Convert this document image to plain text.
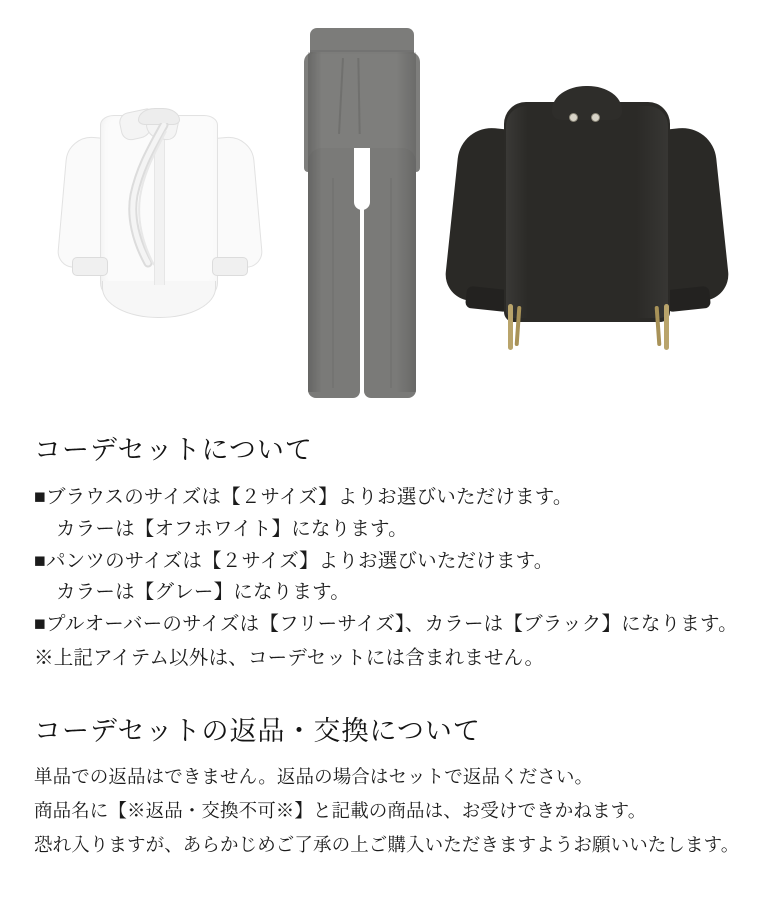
コーデセットについて
■ブラウスのサイズは【２サイズ】よりお選びいただけます。
カラーは【オフホワイト】になります。
■パンツのサイズは【２サイズ】よりお選びいただけます。
カラーは【グレー】になります。
■プルオーバーのサイズは【フリーサイズ】、カラーは【ブラック】になります。
※上記アイテム以外は、コーデセットには含まれません。
コーデセットの返品・交換について

単品での返品はできません。返品の場合はセットで返品ください。

商品名に【※返品・交換不可※】と記載の商品は、お受けできかねます。

恐れ入りますが、あらかじめご了承の上ご購入いただきますようお願いいたします。
